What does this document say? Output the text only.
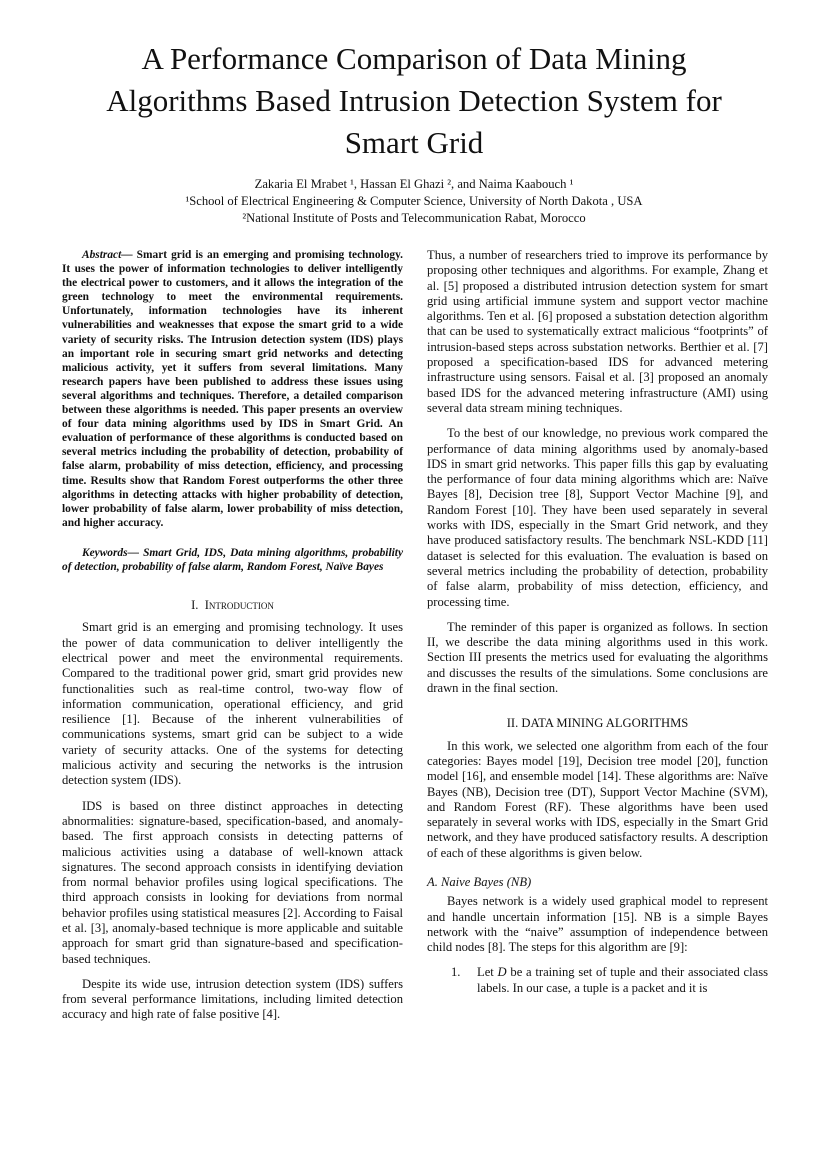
A Performance Comparison of Data Mining
Algorithms Based Intrusion Detection System for
Smart Grid
Zakaria El Mrabet ¹, Hassan El Ghazi ², and Naima Kaabouch ¹
¹School of Electrical Engineering & Computer Science, University of North Dakota , USA
²National Institute of Posts and Telecommunication Rabat, Morocco

Abstract— Smart grid is an emerging and promising technology. It uses the power of information technologies to deliver intelligently the electrical power to customers, and it allows the integration of the green technology to meet the environmental requirements. Unfortunately, information technologies have its inherent vulnerabilities and weaknesses that expose the smart grid to a wide variety of security risks. The Intrusion detection system (IDS) plays an important role in securing smart grid networks and detecting malicious activity, yet it suffers from several limitations. Many research papers have been published to address these issues using several algorithms and techniques. Therefore, a detailed comparison between these algorithms is needed. This paper presents an overview of four data mining algorithms used by IDS in Smart Grid. An evaluation of performance of these algorithms is conducted based on several metrics including the probability of detection, probability of false alarm, probability of miss detection, efficiency, and processing time. Results show that Random Forest outperforms the other three algorithms in detecting attacks with higher probability of detection, lower probability of false alarm, lower probability of miss detection, and higher accuracy.

Keywords— Smart Grid, IDS, Data mining algorithms, probability of detection, probability of false alarm, Random Forest, Naïve Bayes

I. Introduction

Smart grid is an emerging and promising technology. It uses the power of data communication to deliver intelligently the electrical power and meet the environmental requirements. Compared to the traditional power grid, smart grid provides new functionalities such as real-time control, two-way flow of information communication, operational efficiency, and grid resilience [1]. Because of the inherent vulnerabilities of communications systems, smart grid can be subject to a wide variety of security attacks. One of the systems for detecting malicious activity and securing the networks is the intrusion detection system (IDS).

IDS is based on three distinct approaches in detecting abnormalities: signature-based, specification-based, and anomaly-based. The first approach consists in detecting patterns of malicious activities using a database of well-known attack signatures. The second approach consists in identifying deviation from normal behavior profiles using logical specifications. The third approach consists in looking for deviations from normal behavior profiles using statistical measures [2]. According to Faisal et al. [3], anomaly-based technique is more applicable and suitable approach for smart grid than signature-based and specification-based techniques.

Despite its wide use, intrusion detection system (IDS) suffers from several performance limitations, including limited detection accuracy and high rate of false positive [4].

Thus, a number of researchers tried to improve its performance by proposing other techniques and algorithms. For example, Zhang et al. [5] proposed a distributed intrusion detection system for smart grid using artificial immune system and support vector machine algorithms. Ten et al. [6] proposed a substation detection algorithm that can be used to systematically extract malicious “footprints” of intrusion-based steps across substation networks. Berthier et al. [7] proposed a specification-based IDS for advanced metering infrastructure using sensors. Faisal et al. [3] proposed an anomaly based IDS for the advanced metering infrastructure (AMI) using several data stream mining techniques.

To the best of our knowledge, no previous work compared the performance of data mining algorithms used by anomaly-based IDS in smart grid networks. This paper fills this gap by evaluating the performance of four data mining algorithms which are: Naïve Bayes [8], Decision tree [8], Support Vector Machine [9], and Random Forest [10]. They have been used separately in several works with IDS, especially in the Smart Grid network, and they have produced satisfactory results. The benchmark NSL-KDD [11] dataset is selected for this evaluation. The evaluation is based on several metrics including the probability of detection, probability of false alarm, probability of miss detection, efficiency, and processing time.

The reminder of this paper is organized as follows. In section II, we describe the data mining algorithms used in this work. Section III presents the metrics used for evaluating the algorithms and discusses the results of the simulations. Some conclusions are drawn in the final section.

II. DATA MINING ALGORITHMS

In this work, we selected one algorithm from each of the four categories: Bayes model [19], Decision tree model [20], function model [16], and ensemble model [14]. These algorithms are: Naïve Bayes (NB), Decision tree (DT), Support Vector Machine (SVM), and Random Forest (RF). These algorithms have been used separately in several works with IDS, especially in the Smart Grid network, and they have produced satisfactory results. A description of each of these algorithms is given below.

A. Naive Bayes (NB)

Bayes network is a widely used graphical model to represent and handle uncertain information [15]. NB is a simple Bayes network with the “naive” assumption of independence between child nodes [8]. The steps for this algorithm are [9]:

1. Let D be a training set of tuple and their associated class labels. In our case, a tuple is a packet and it is
